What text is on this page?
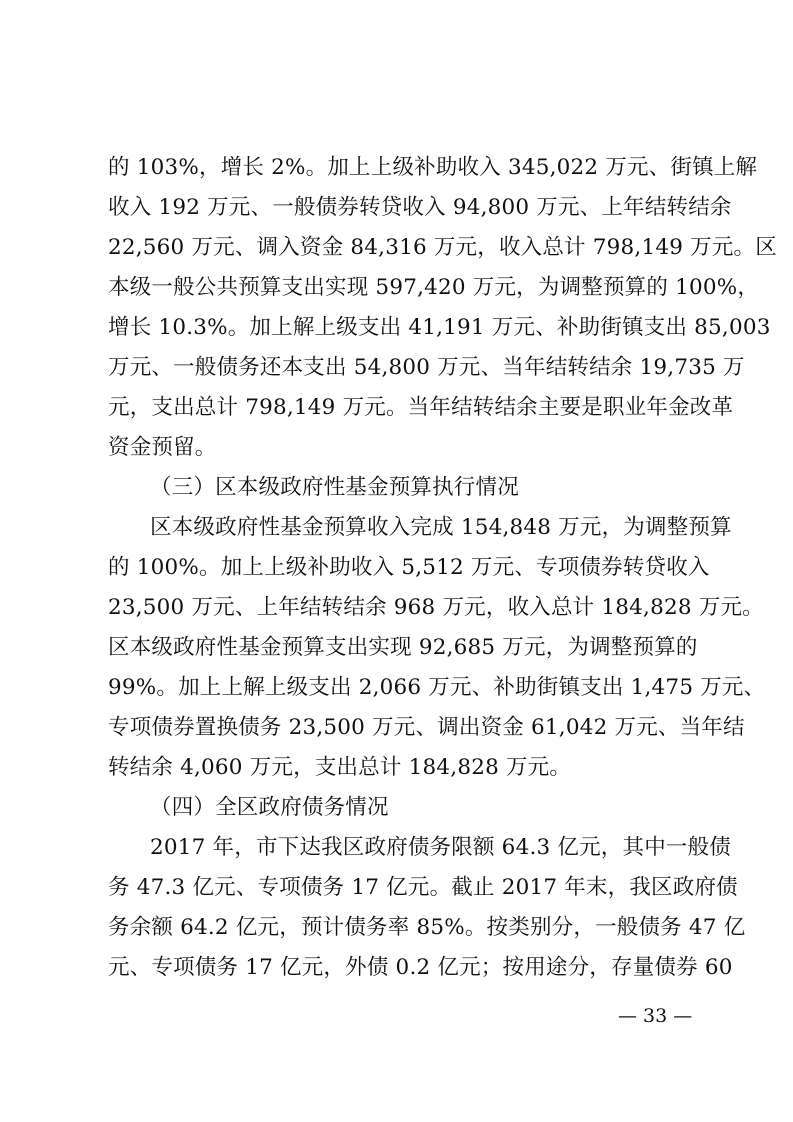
的 103%，增长 2%。加上上级补助收入 345,022 万元、街镇上解
收入 192 万元、一般债券转贷收入 94,800 万元、上年结转结余
22,560 万元、调入资金 84,316 万元，收入总计 798,149 万元。区
本级一般公共预算支出实现 597,420 万元，为调整预算的 100%，
增长 10.3%。加上解上级支出 41,191 万元、补助街镇支出 85,003
万元、一般债务还本支出 54,800 万元、当年结转结余 19,735 万
元，支出总计 798,149 万元。当年结转结余主要是职业年金改革
资金预留。
（三）区本级政府性基金预算执行情况
区本级政府性基金预算收入完成 154,848 万元，为调整预算
的 100%。加上上级补助收入 5,512 万元、专项债券转贷收入
23,500 万元、上年结转结余 968 万元，收入总计 184,828 万元。
区本级政府性基金预算支出实现 92,685 万元，为调整预算的
99%。加上上解上级支出 2,066 万元、补助街镇支出 1,475 万元、
专项债券置换债务 23,500 万元、调出资金 61,042 万元、当年结
转结余 4,060 万元，支出总计 184,828 万元。
（四）全区政府债务情况
2017 年，市下达我区政府债务限额 64.3 亿元，其中一般债
务 47.3 亿元、专项债务 17 亿元。截止 2017 年末，我区政府债
务余额 64.2 亿元，预计债务率 85%。按类别分，一般债务 47 亿
元、专项债务 17 亿元，外债 0.2 亿元；按用途分，存量债券 60
— 33 —
